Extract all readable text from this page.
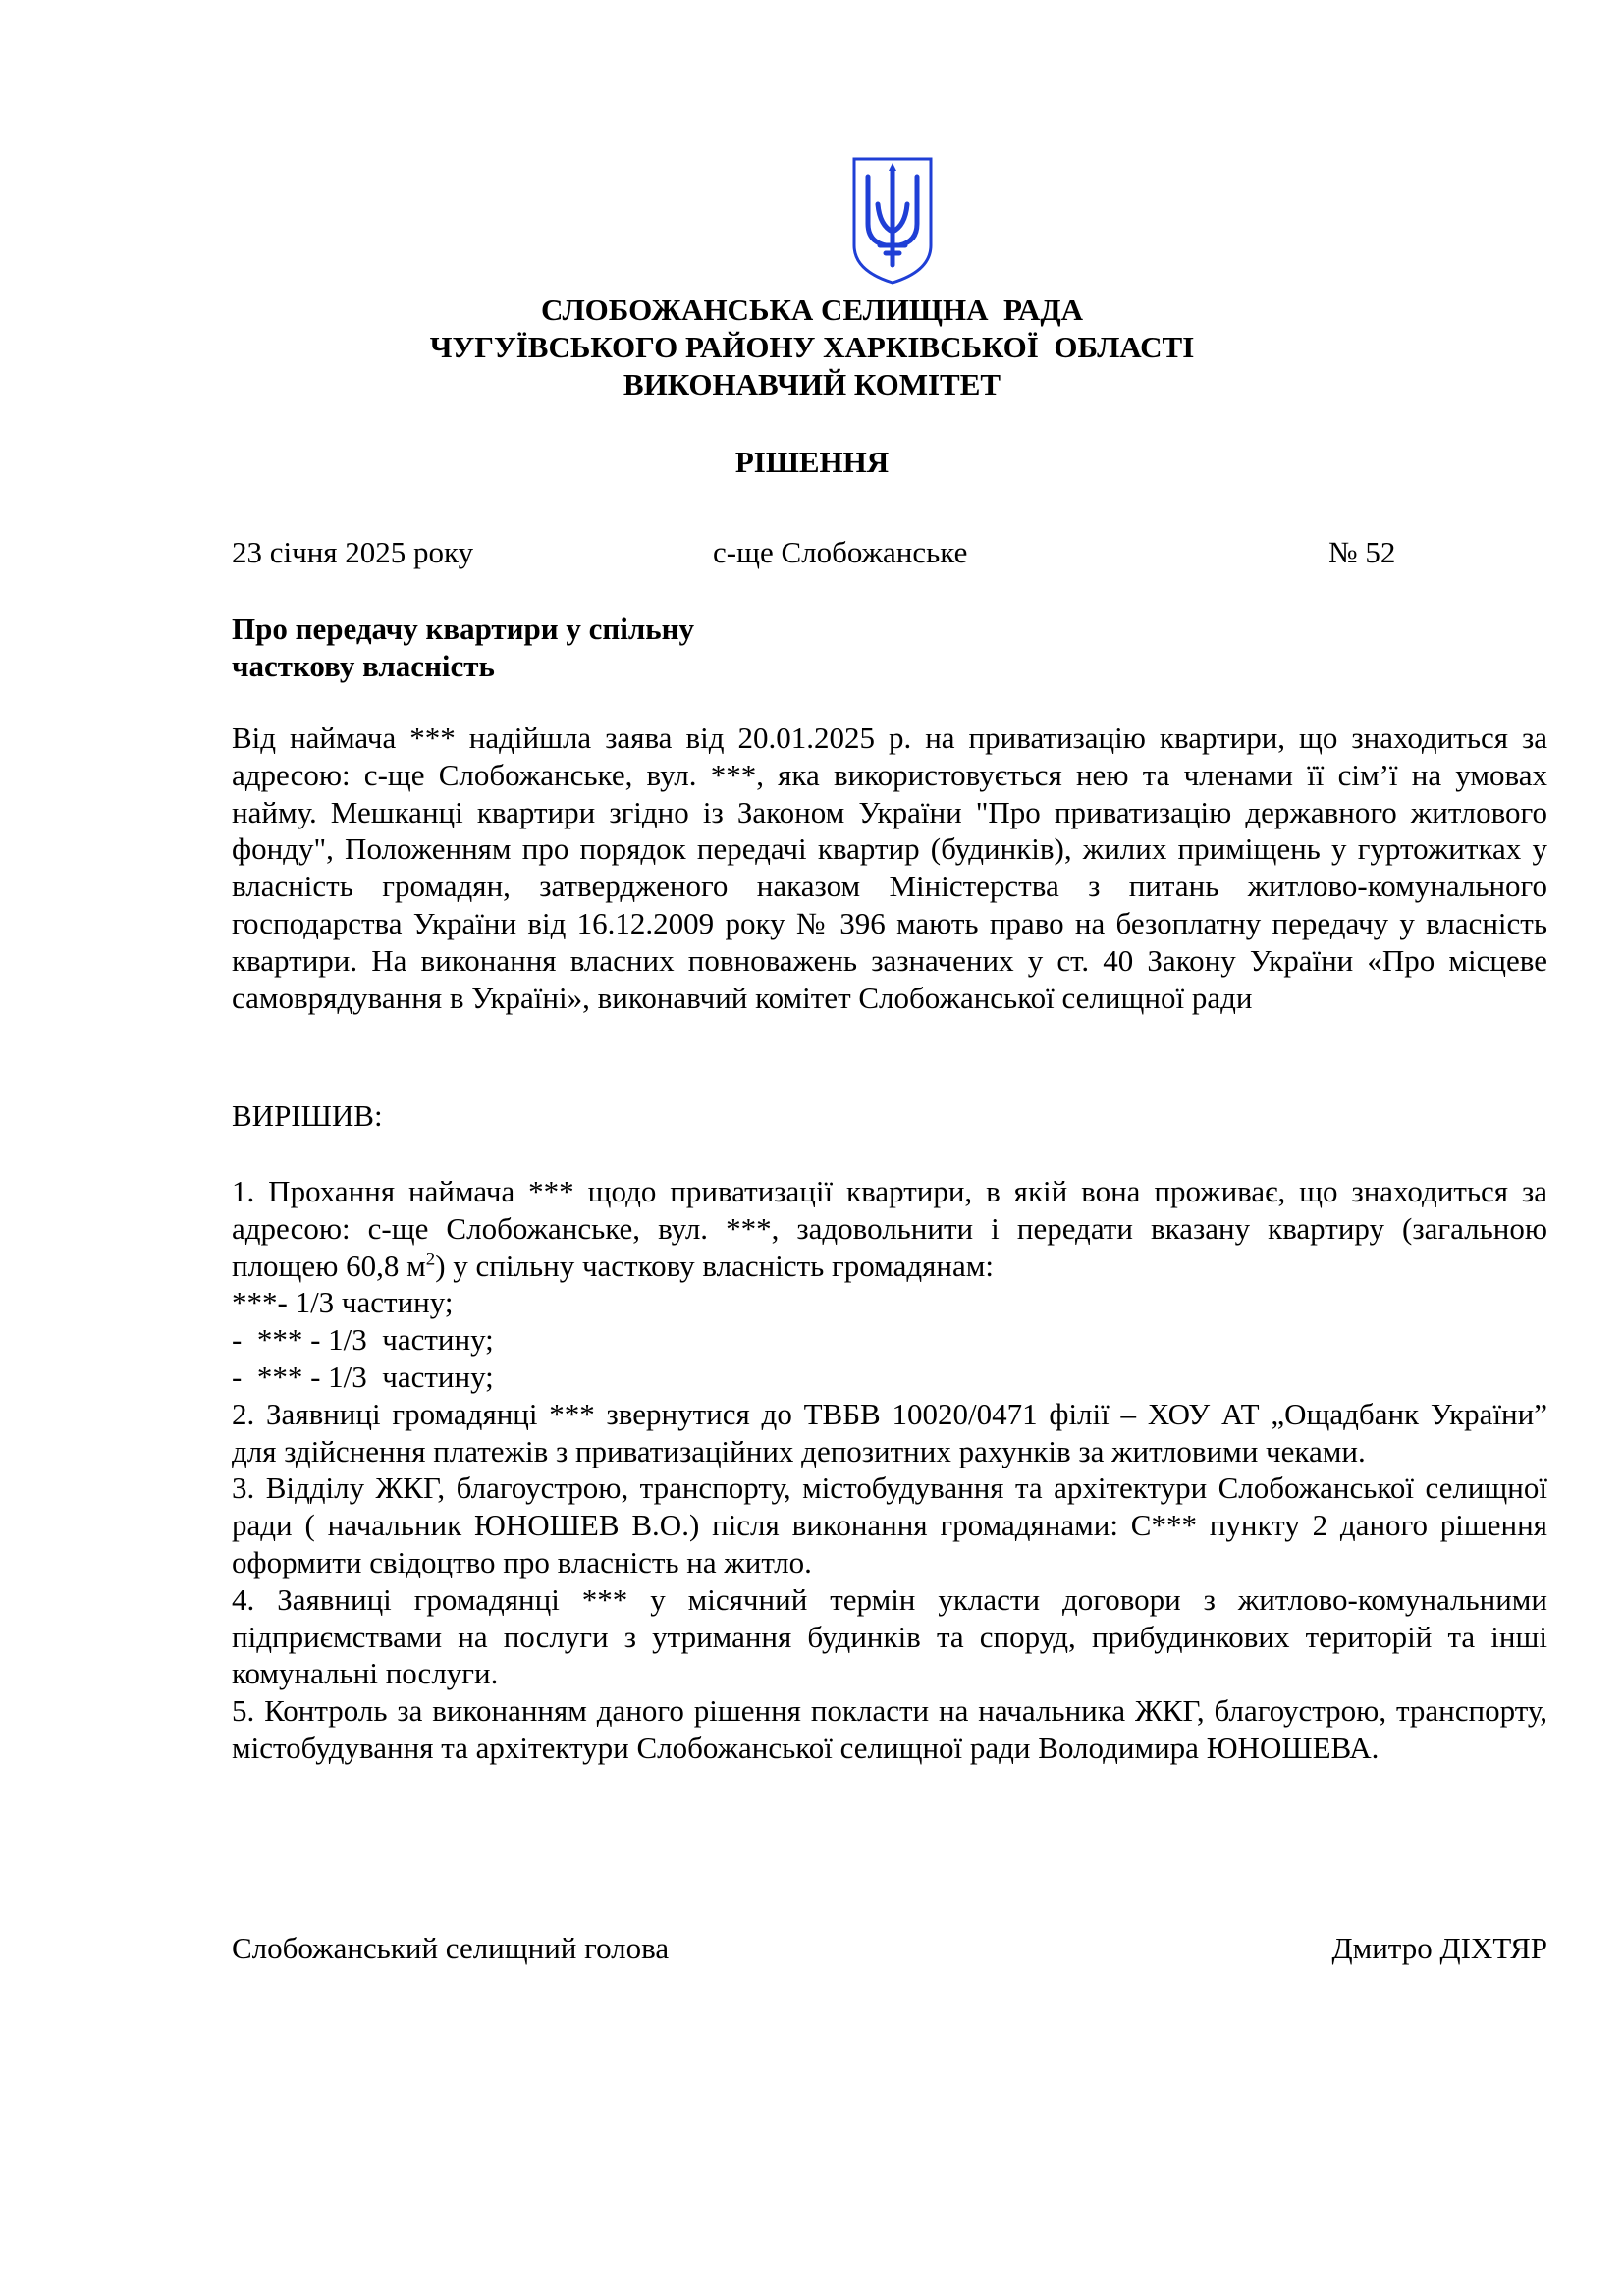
СЛОБОЖАНСЬКА СЕЛИЩНА  РАДА
ЧУГУЇВСЬКОГО РАЙОНУ ХАРКІВСЬКОЇ  ОБЛАСТІ
ВИКОНАВЧИЙ КОМІТЕТ
РІШЕННЯ
23 січня 2025 року	с-ще Слобожанське	№ 52
Про передачу квартири у спільну
часткову власність
Від наймача *** надійшла заява від 20.01.2025 р. на приватизацію квартири, що знаходиться за адресою: с-ще Слобожанське, вул. ***, яка використовується нею та членами її сім’ї на умовах найму. Мешканці квартири згідно із Законом України "Про приватизацію державного житлового фонду", Положенням про порядок передачі квартир (будинків), жилих приміщень у гуртожитках у власність громадян, затвердженого наказом Міністерства з питань житлово-комунального господарства України від 16.12.2009 року № 396 мають право на безоплатну передачу у власність квартири. На виконання власних повноважень зазначених у ст. 40 Закону України «Про місцеве самоврядування в Україні», виконавчий комітет Слобожанської селищної ради
ВИРІШИВ:
1. Прохання наймача *** щодо приватизації квартири, в якій вона проживає, що знаходиться за адресою: с-ще Слобожанське, вул. ***, задовольнити і передати вказану квартиру (загальною площею 60,8 $м^2$) у спільну часткову власність громадянам:
***- 1/3 частину;
-  *** - 1/3  частину;
-  *** - 1/3  частину;
2. Заявниці громадянці *** звернутися до ТВБВ 10020/0471 філії – ХОУ АТ „Ощадбанк України” для здійснення платежів з приватизаційних депозитних рахунків за житловими чеками.
3. Відділу ЖКГ, благоустрою, транспорту, містобудування та архітектури Слобожанської селищної ради ( начальник ЮНОШЕВ В.О.) після виконання громадянами: С*** пункту 2 даного рішення оформити свідоцтво про власність на житло.
4. Заявниці громадянці *** у місячний термін укласти договори з житлово-комунальними підприємствами на послуги з утримання будинків та споруд, прибудинкових територій та інші комунальні послуги.
5. Контроль за виконанням даного рішення покласти на начальника ЖКГ, благоустрою, транспорту, містобудування та архітектури Слобожанської селищної ради Володимира ЮНОШЕВА.
Слобожанський селищний голова	Дмитро ДІХТЯР
